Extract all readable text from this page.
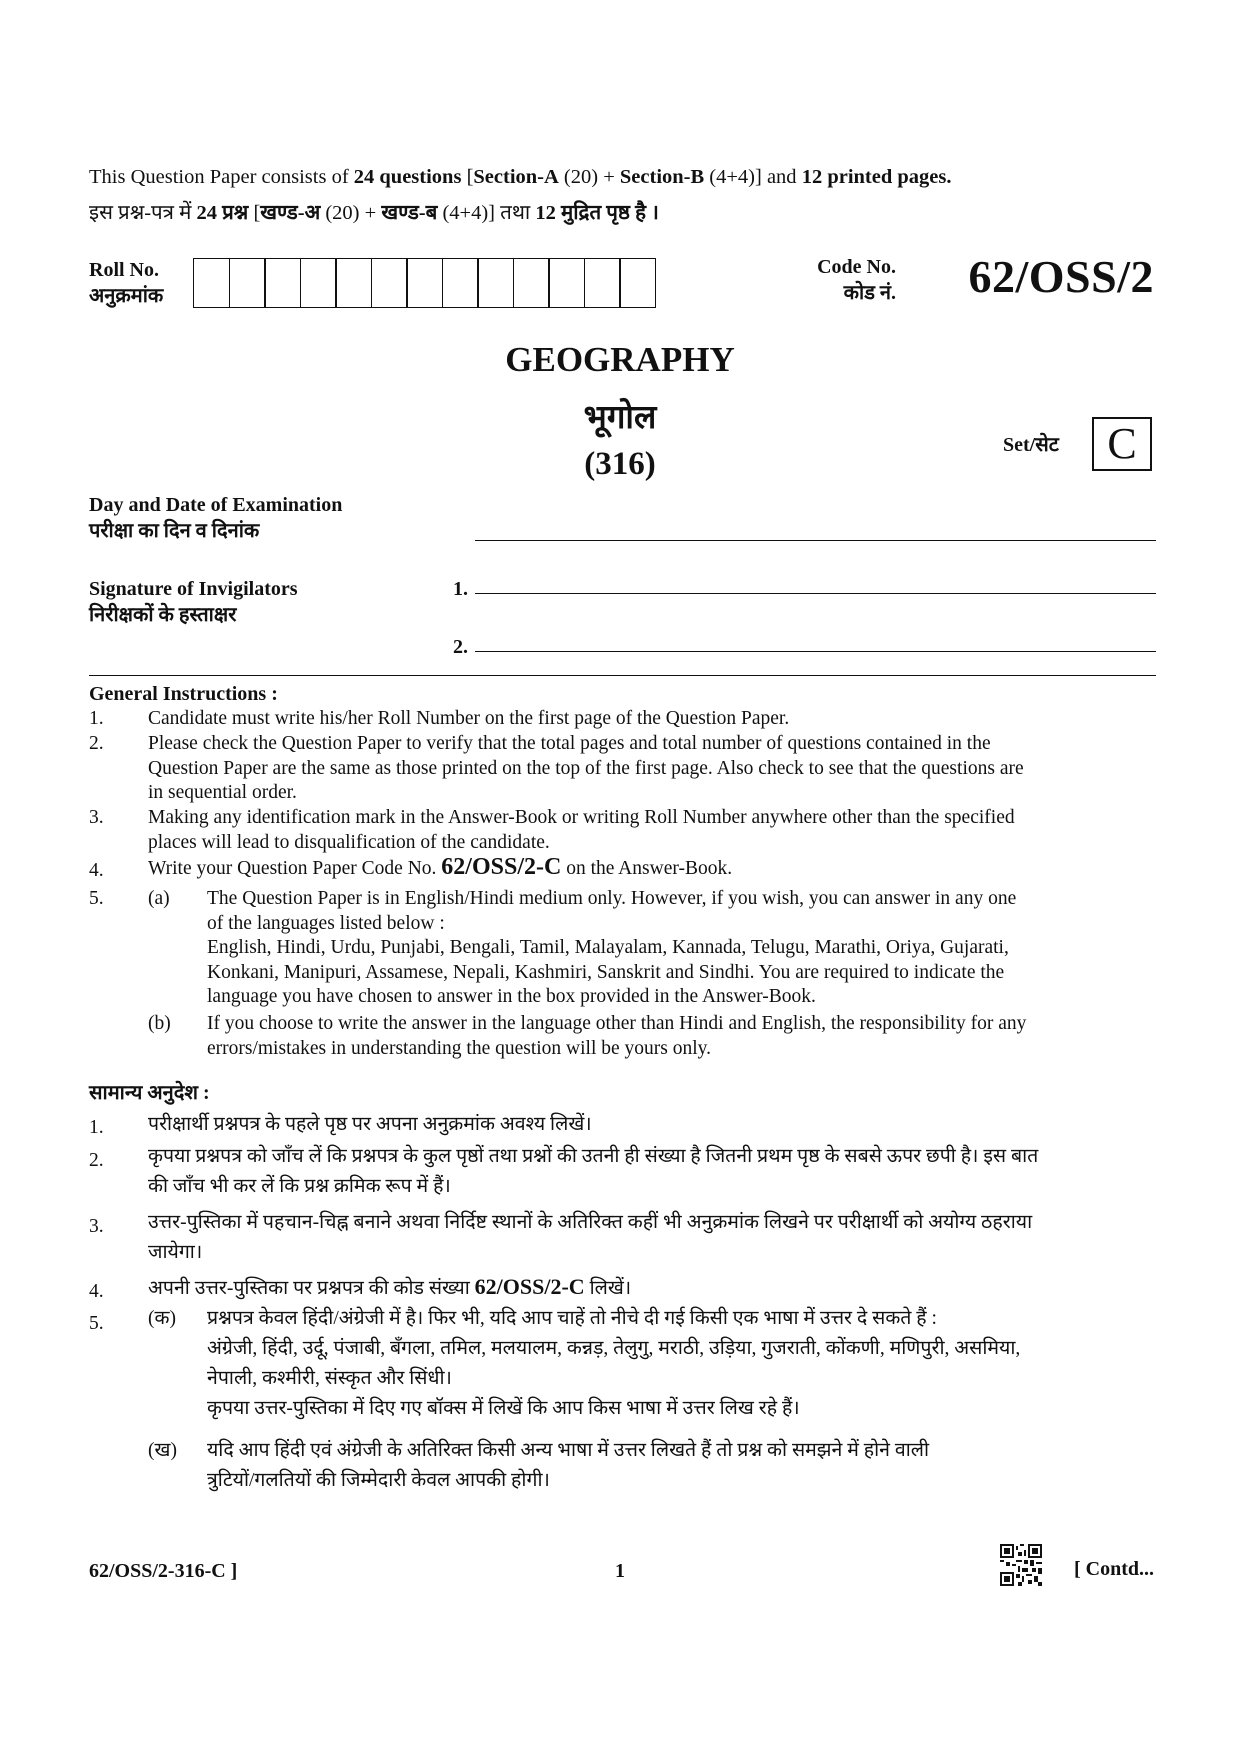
This Question Paper consists of 24 questions [Section-A (20) + Section-B (4+4)] and 12 printed pages.
इस प्रश्न-पत्र में 24 प्रश्न [खण्ड-अ (20) + खण्ड-ब (4+4)] तथा 12 मुद्रित पृष्ठ है ।
Roll No.
अनुक्रमांक
Code No.
कोड नं. 62/OSS/2
GEOGRAPHY
भूगोल
(316)
Set/सेट	C
Day and Date of Examination
परीक्षा का दिन व दिनांक
Signature of Invigilators
निरीक्षकों के हस्ताक्षर
1.
2.
General Instructions :
1.	Candidate must write his/her Roll Number on the first page of the Question Paper.
2.	Please check the Question Paper to verify that the total pages and total number of questions contained in the
Question Paper are the same as those printed on the top of the first page. Also check to see that the questions are
in sequential order.
3.	Making any identification mark in the Answer-Book or writing Roll Number anywhere other than the specified
places will lead to disqualification of the candidate.
4.	Write your Question Paper Code No. 62/OSS/2-C on the Answer-Book.
5.	(a) The Question Paper is in English/Hindi medium only. However, if you wish, you can answer in any one
of the languages listed below :
English, Hindi, Urdu, Punjabi, Bengali, Tamil, Malayalam, Kannada, Telugu, Marathi, Oriya, Gujarati,
Konkani, Manipuri, Assamese, Nepali, Kashmiri, Sanskrit and Sindhi. You are required to indicate the
language you have chosen to answer in the box provided in the Answer-Book.
(b) If you choose to write the answer in the language other than Hindi and English, the responsibility for any
errors/mistakes in understanding the question will be yours only.
सामान्य अनुदेश :
1.	परीक्षार्थी प्रश्नपत्र के पहले पृष्ठ पर अपना अनुक्रमांक अवश्य लिखें।
2.	कृपया प्रश्नपत्र को जाँच लें कि प्रश्नपत्र के कुल पृष्ठों तथा प्रश्नों की उतनी ही संख्या है जितनी प्रथम पृष्ठ के सबसे ऊपर छपी है। इस बात
की जाँच भी कर लें कि प्रश्न क्रमिक रूप में हैं।
3.	उत्तर-पुस्तिका में पहचान-चिह्न बनाने अथवा निर्दिष्ट स्थानों के अतिरिक्त कहीं भी अनुक्रमांक लिखने पर परीक्षार्थी को अयोग्य ठहराया
जायेगा।
4.	अपनी उत्तर-पुस्तिका पर प्रश्नपत्र की कोड संख्या 62/OSS/2-C लिखें।
5.	(क) प्रश्नपत्र केवल हिंदी/अंग्रेजी में है। फिर भी, यदि आप चाहें तो नीचे दी गई किसी एक भाषा में उत्तर दे सकते हैं :
अंग्रेजी, हिंदी, उर्दू, पंजाबी, बँगला, तमिल, मलयालम, कन्नड़, तेलुगु, मराठी, उड़िया, गुजराती, कोंकणी, मणिपुरी, असमिया,
नेपाली, कश्मीरी, संस्कृत और सिंधी।
कृपया उत्तर-पुस्तिका में दिए गए बॉक्स में लिखें कि आप किस भाषा में उत्तर लिख रहे हैं।
(ख) यदि आप हिंदी एवं अंग्रेजी के अतिरिक्त किसी अन्य भाषा में उत्तर लिखते हैं तो प्रश्न को समझने में होने वाली
त्रुटियों/गलतियों की जिम्मेदारी केवल आपकी होगी।
62/OSS/2-316-C ]	1	[ Contd...
